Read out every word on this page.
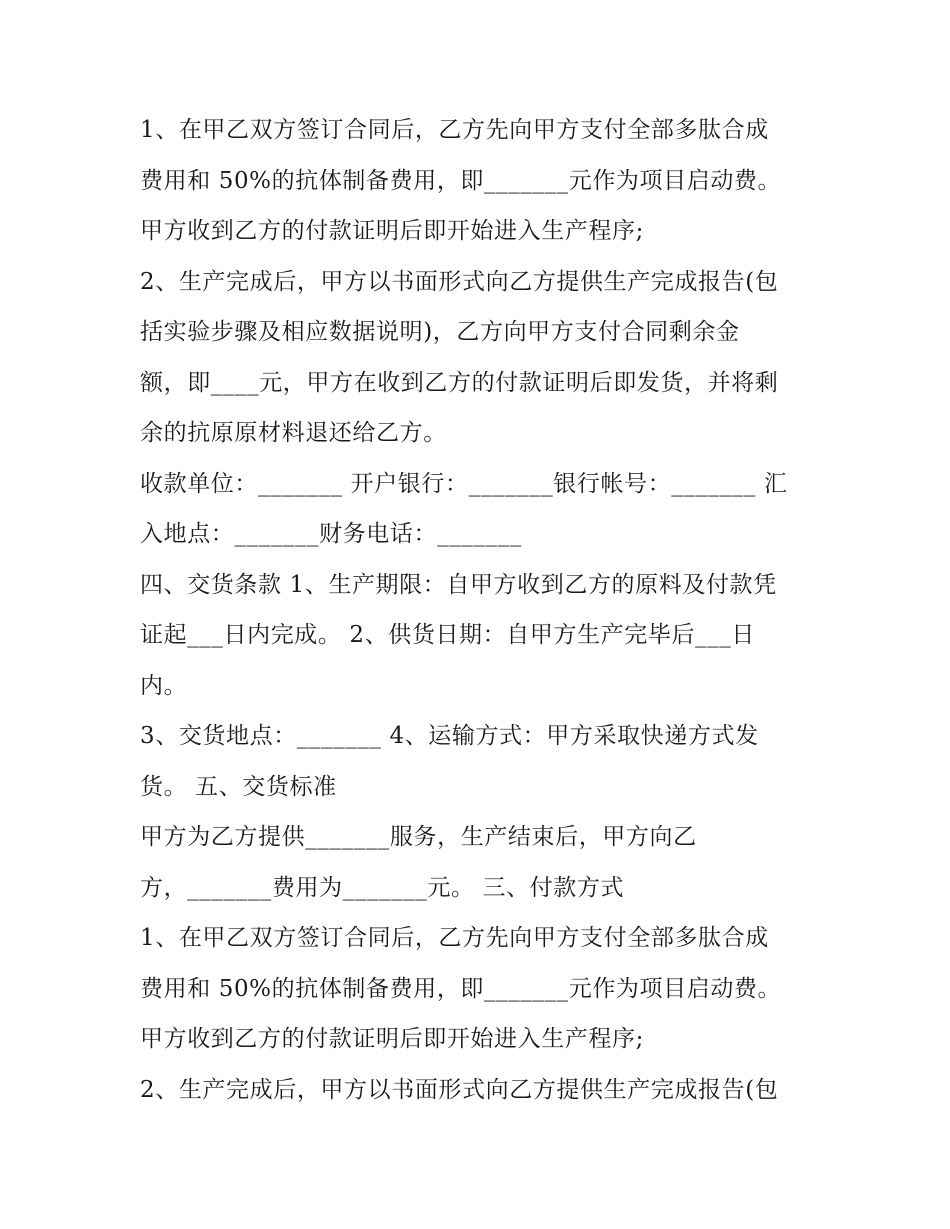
1、在甲乙双方签订合同后，乙方先向甲方支付全部多肽合成
费用和 50%的抗体制备费用，即_______元作为项目启动费。
甲方收到乙方的付款证明后即开始进入生产程序;
2、生产完成后，甲方以书面形式向乙方提供生产完成报告(包
括实验步骤及相应数据说明)，乙方向甲方支付合同剩余金
额，即____元，甲方在收到乙方的付款证明后即发货，并将剩
余的抗原原材料退还给乙方。
收款单位：_______ 开户银行：_______银行帐号：_______ 汇
入地点：_______财务电话：_______
四、交货条款 1、生产期限：自甲方收到乙方的原料及付款凭
证起___日内完成。 2、供货日期：自甲方生产完毕后___日
内。
3、交货地点：_______ 4、运输方式：甲方采取快递方式发
货。 五、交货标准
甲方为乙方提供_______服务，生产结束后，甲方向乙
方，_______费用为_______元。 三、付款方式
1、在甲乙双方签订合同后，乙方先向甲方支付全部多肽合成
费用和 50%的抗体制备费用，即_______元作为项目启动费。
甲方收到乙方的付款证明后即开始进入生产程序;
2、生产完成后，甲方以书面形式向乙方提供生产完成报告(包
